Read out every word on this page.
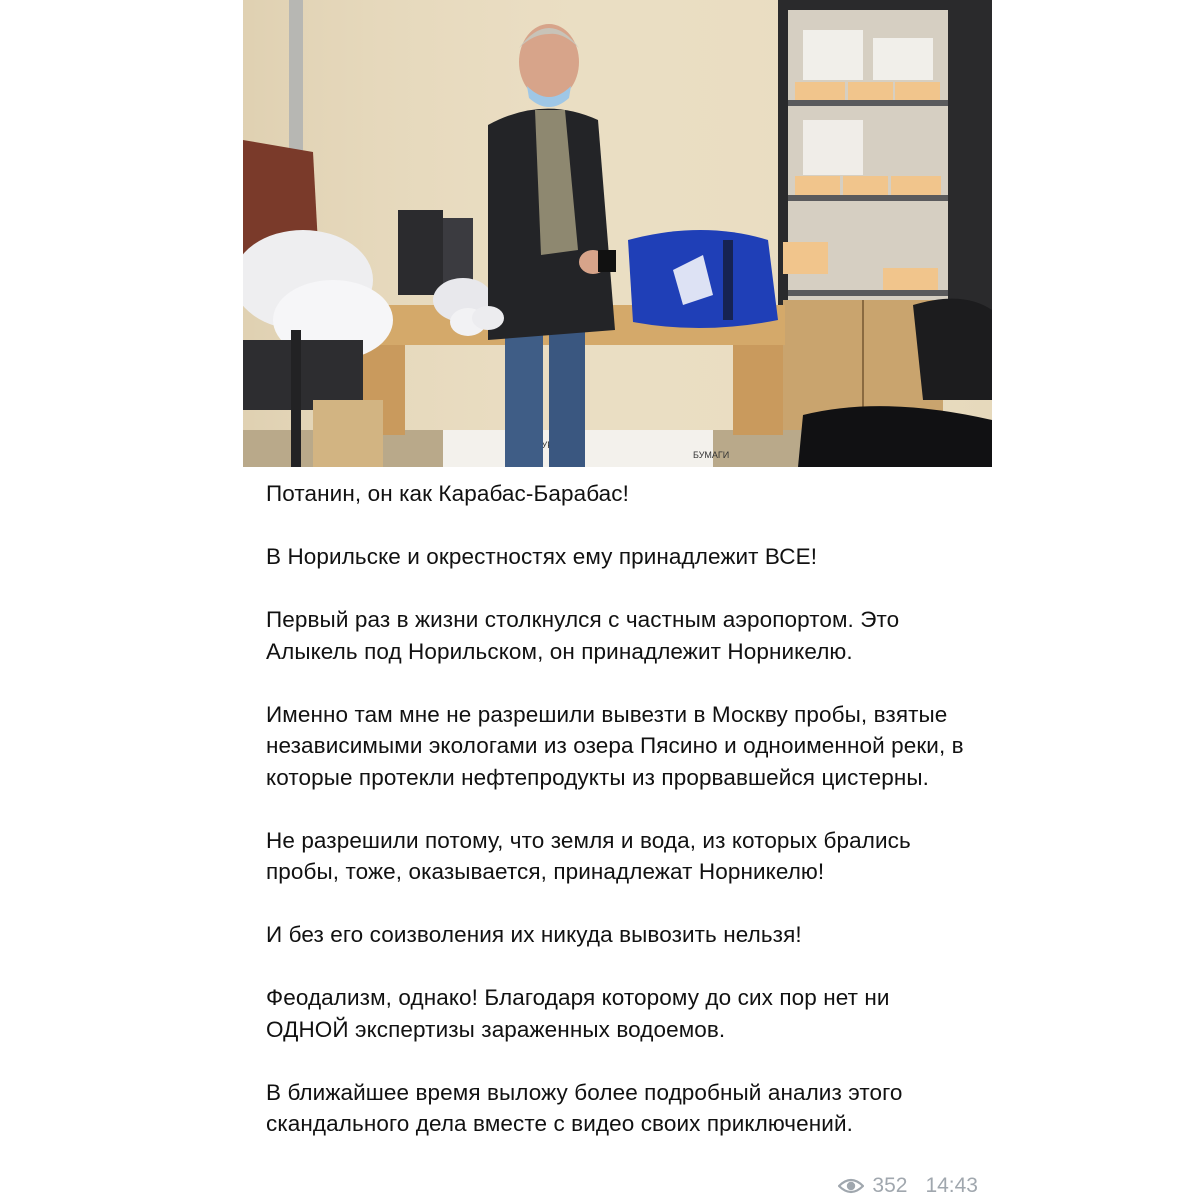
БУМАГИ

Потанин, он как Карабас-Барабас!

В Норильске и окрестностях ему принадлежит ВСЕ!

Первый раз в жизни столкнулся с частным аэропортом. Это Алыкель под Норильском, он принадлежит Норникелю.

Именно там мне не разрешили вывезти в Москву пробы, взятые независимыми экологами из озера Пясино и одноименной реки, в которые протекли нефтепродукты из прорвавшейся цистерны.

Не разрешили потому, что земля и вода, из которых брались пробы, тоже, оказывается, принадлежат Норникелю!

И без его соизволения их никуда вывозить нельзя!

Феодализм, однако! Благодаря которому до сих пор нет ни ОДНОЙ экспертизы зараженных водоемов.

В ближайшее время выложу более подробный анализ этого скандального дела вместе с видео своих приключений.

352 14:43
